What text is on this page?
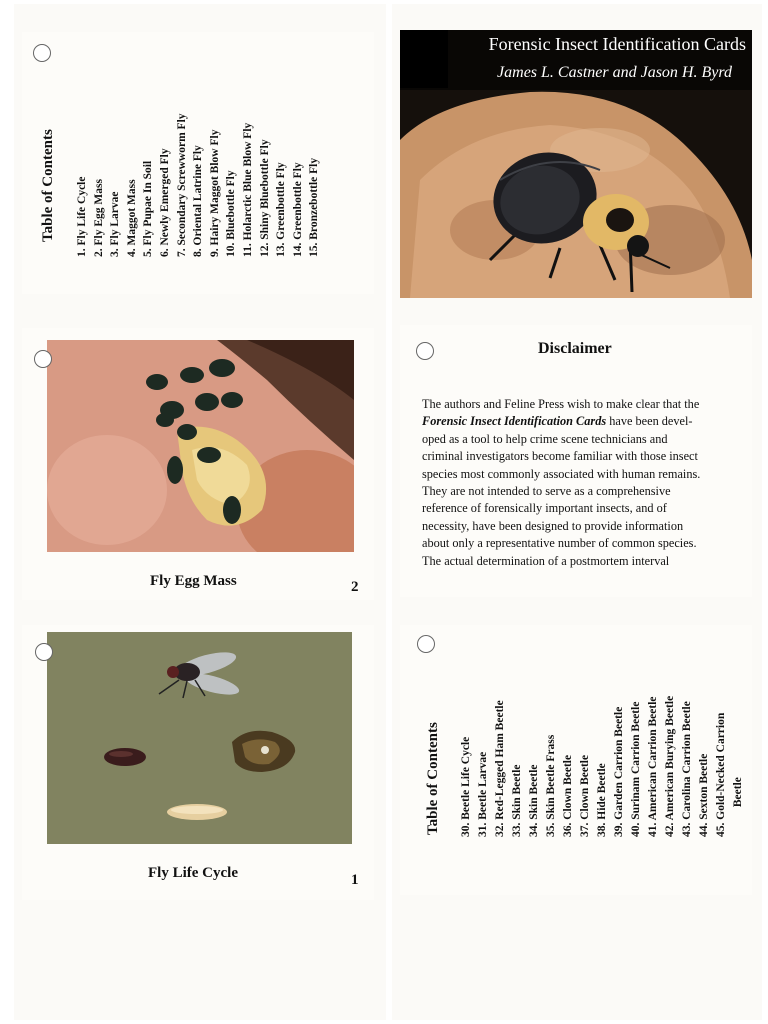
Table of Contents 1. Fly Life Cycle 2. Fly Egg Mass 3. Fly Larvae 4. Maggot Mass 5. Fly Pupae In Soil 6. Newly Emerged Fly 7. Secondary Screwworm Fly 8. Oriental Latrine Fly 9. Hairy Maggot Blow Fly 10. Bluebottle Fly 11. Holarctic Blue Blow Fly 12. Shiny Bluebottle Fly 13. Greenbottle Fly 14. Greenbottle Fly 15. Bronzebottle Fly
Forensic Insect Identification Cards
James L. Castner and Jason H. Byrd
Fly Egg Mass	2
Disclaimer
The authors and Feline Press wish to make clear that the
Forensic Insect Identification Cards have been devel-
oped as a tool to help crime scene technicians and
criminal investigators become familiar with those insect
species most commonly associated with human remains.
They are not intended to serve as a comprehensive
reference of forensically important insects, and of
necessity, have been designed to provide information
about only a representative number of common species.
The actual determination of a postmortem interval
Fly Life Cycle	1
Table of Contents 30. Beetle Life Cycle 31. Beetle Larvae 32. Red-Legged Ham Beetle 33. Skin Beetle 34. Skin Beetle 35. Skin Beetle Frass 36. Clown Beetle 37. Clown Beetle 38. Hide Beetle 39. Garden Carrion Beetle 40. Surinam Carrion Beetle 41. American Carrion Beetle 42. American Burying Beetle 43. Carolina Carrion Beetle 44. Sexton Beetle 45. Gold-Necked Carrion Beetle
